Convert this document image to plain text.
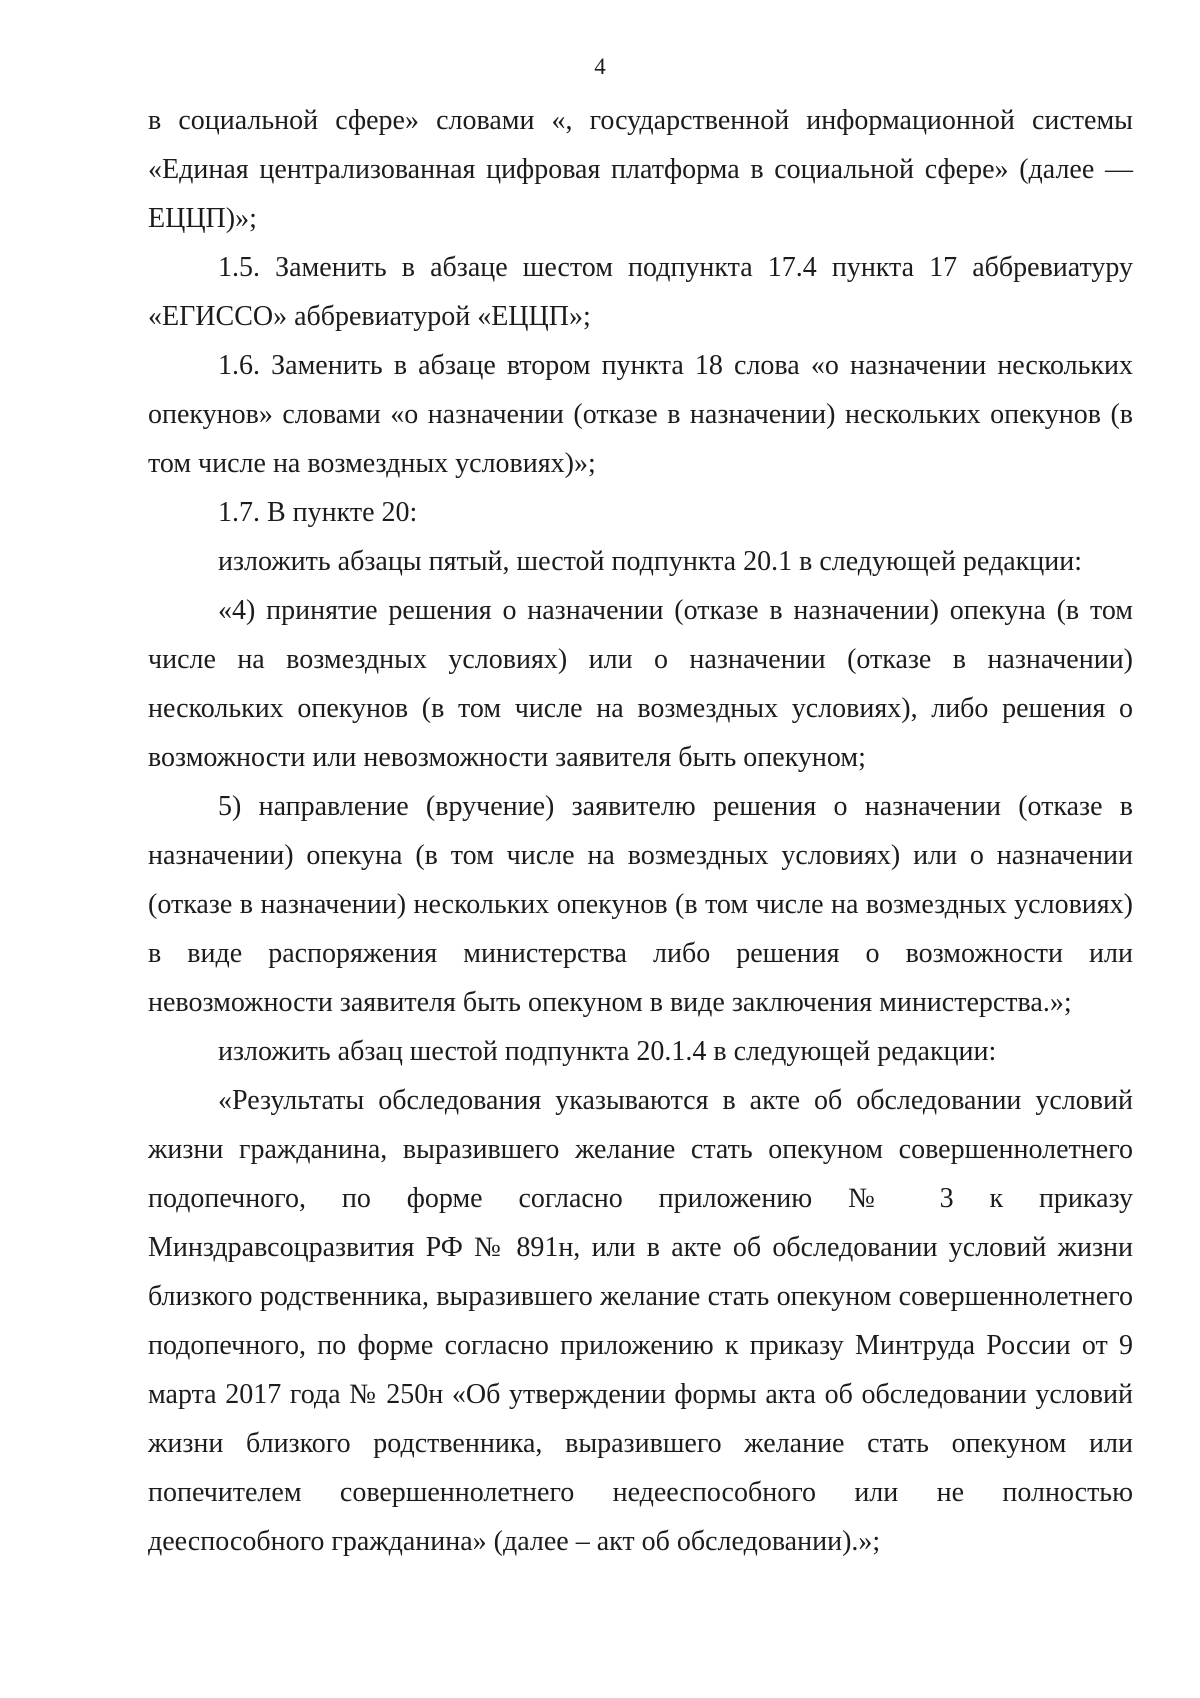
4

в социальной сфере» словами «, государственной информационной системы «Единая централизованная цифровая платформа в социальной сфере» (далее — ЕЦЦП)»;

1.5. Заменить в абзаце шестом подпункта 17.4 пункта 17 аббревиатуру «ЕГИССО» аббревиатурой «ЕЦЦП»;

1.6. Заменить в абзаце втором пункта 18 слова «о назначении нескольких опекунов» словами «о назначении (отказе в назначении) нескольких опекунов (в том числе на возмездных условиях)»;

1.7. В пункте 20:

изложить абзацы пятый, шестой подпункта 20.1 в следующей редакции:

«4) принятие решения о назначении (отказе в назначении) опекуна (в том числе на возмездных условиях) или о назначении (отказе в назначении) нескольких опекунов (в том числе на возмездных условиях), либо решения о возможности или невозможности заявителя быть опекуном;

5) направление (вручение) заявителю решения о назначении (отказе в назначении) опекуна (в том числе на возмездных условиях) или о назначении (отказе в назначении) нескольких опекунов (в том числе на возмездных условиях) в виде распоряжения министерства либо решения о возможности или невозможности заявителя быть опекуном в виде заключения министерства.»;

изложить абзац шестой подпункта 20.1.4 в следующей редакции:

«Результаты обследования указываются в акте об обследовании условий жизни гражданина, выразившего желание стать опекуном совершеннолетнего подопечного, по форме согласно приложению № 3 к приказу Минздравсоцразвития РФ № 891н, или в акте об обследовании условий жизни близкого родственника, выразившего желание стать опекуном совершеннолетнего подопечного, по форме согласно приложению к приказу Минтруда России от 9 марта 2017 года № 250н «Об утверждении формы акта об обследовании условий жизни близкого родственника, выразившего желание стать опекуном или попечителем совершеннолетнего недееспособного или не полностью дееспособного гражданина» (далее – акт об обследовании).»;
